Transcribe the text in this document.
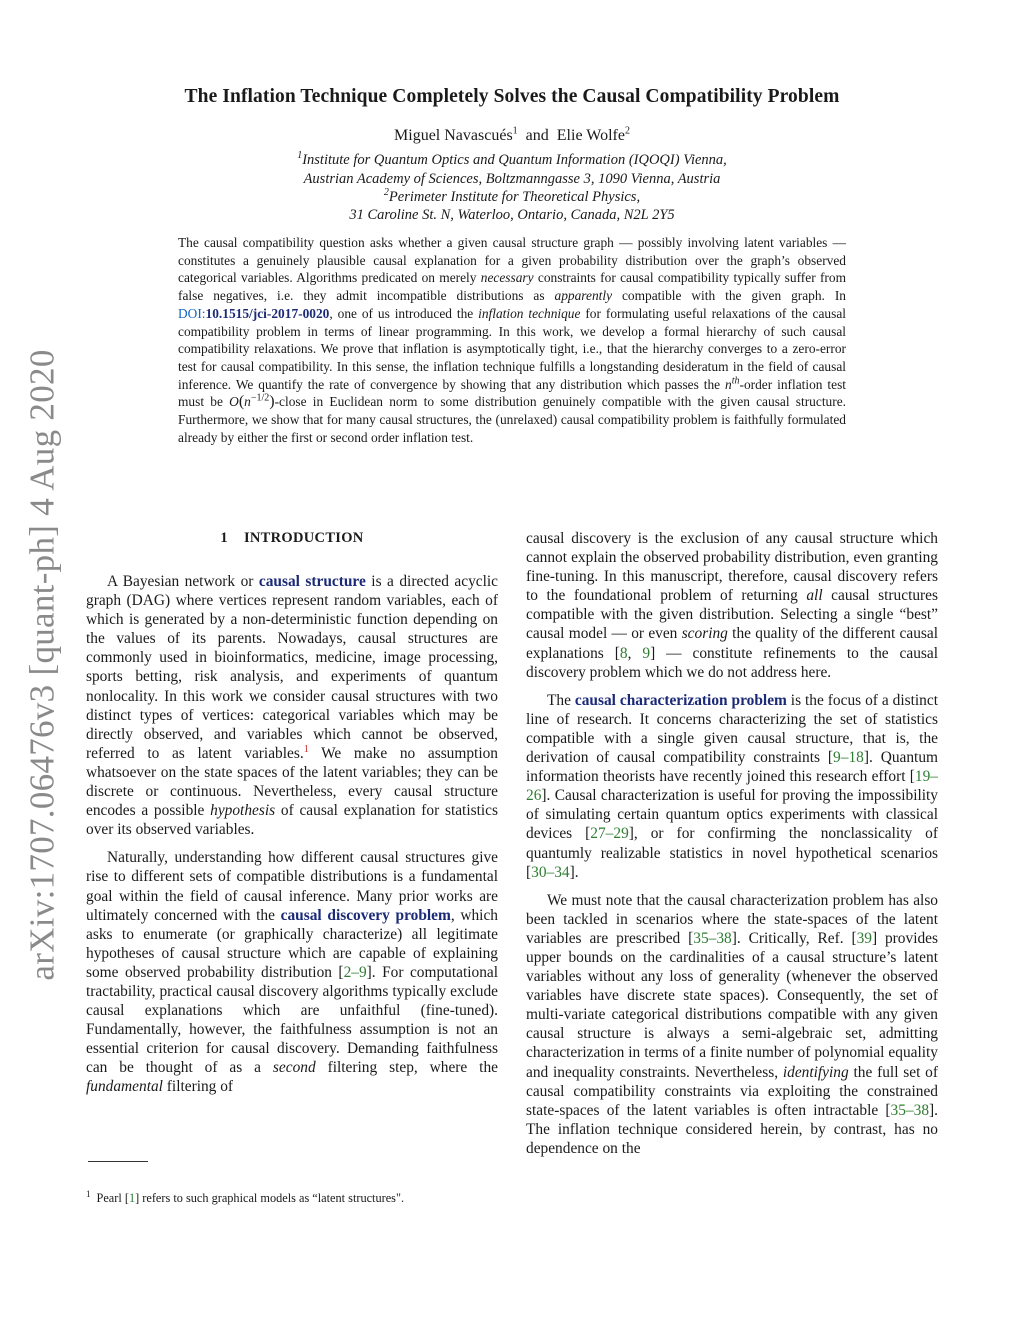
arXiv:1707.06476v3 [quant-ph] 4 Aug 2020
The Inflation Technique Completely Solves the Causal Compatibility Problem
Miguel Navascués$^1$ and Elie Wolfe$^2$
$^1$Institute for Quantum Optics and Quantum Information (IQOQI) Vienna,
Austrian Academy of Sciences, Boltzmanngasse 3, 1090 Vienna, Austria
$^2$Perimeter Institute for Theoretical Physics,
31 Caroline St. N, Waterloo, Ontario, Canada, N2L 2Y5
The causal compatibility question asks whether a given causal structure graph — possibly involving latent variables — constitutes a genuinely plausible causal explanation for a given probability distribution over the graph’s observed categorical variables. Algorithms predicated on merely necessary constraints for causal compatibility typically suffer from false negatives, i.e. they admit incompatible distributions as apparently compatible with the given graph. In DOI:10.1515/jci-2017-0020, one of us introduced the inflation technique for formulating useful relaxations of the causal compatibility problem in terms of linear programming. In this work, we develop a formal hierarchy of such causal compatibility relaxations. We prove that inflation is asymptotically tight, i.e., that the hierarchy converges to a zero-error test for causal compatibility. In this sense, the inflation technique fulfills a longstanding desideratum in the field of causal inference. We quantify the rate of convergence by showing that any distribution which passes the $n^{th}$-order inflation test must be $O(n^{-1/2})$-close in Euclidean norm to some distribution genuinely compatible with the given causal structure. Furthermore, we show that for many causal structures, the (unrelaxed) causal compatibility problem is faithfully formulated already by either the first or second order inflation test.
1 INTRODUCTION

A Bayesian network or causal structure is a directed acyclic graph (DAG) where vertices represent random variables, each of which is generated by a non-deterministic function depending on the values of its parents. Nowadays, causal structures are commonly used in bioinformatics, medicine, image processing, sports betting, risk analysis, and experiments of quantum nonlocality. In this work we consider causal structures with two distinct types of vertices: categorical variables which may be directly observed, and variables which cannot be observed, referred to as latent variables.$^1$ We make no assumption whatsoever on the state spaces of the latent variables; they can be discrete or continuous. Nevertheless, every causal structure encodes a possible hypothesis of causal explanation for statistics over its observed variables.

Naturally, understanding how different causal structures give rise to different sets of compatible distributions is a fundamental goal within the field of causal inference. Many prior works are ultimately concerned with the causal discovery problem, which asks to enumerate (or graphically characterize) all legitimate hypotheses of causal structure which are capable of explaining some observed probability distribution [2–9]. For computational tractability, practical causal discovery algorithms typically exclude causal explanations which are unfaithful (fine-tuned). Fundamentally, however, the faithfulness assumption is not an essential criterion for causal discovery. Demanding faithfulness can be thought of as a second filtering step, where the fundamental filtering of

$^1$ Pearl [1] refers to such graphical models as “latent structures".

causal discovery is the exclusion of any causal structure which cannot explain the observed probability distribution, even granting fine-tuning. In this manuscript, therefore, causal discovery refers to the foundational problem of returning all causal structures compatible with the given distribution. Selecting a single “best” causal model — or even scoring the quality of the different causal explanations [8, 9] — constitute refinements to the causal discovery problem which we do not address here.

The causal characterization problem is the focus of a distinct line of research. It concerns characterizing the set of statistics compatible with a single given causal structure, that is, the derivation of causal compatibility constraints [9–18]. Quantum information theorists have recently joined this research effort [19–26]. Causal characterization is useful for proving the impossibility of simulating certain quantum optics experiments with classical devices [27–29], or for confirming the nonclassicality of quantumly realizable statistics in novel hypothetical scenarios [30–34].

We must note that the causal characterization problem has also been tackled in scenarios where the state-spaces of the latent variables are prescribed [35–38]. Critically, Ref. [39] provides upper bounds on the cardinalities of a causal structure’s latent variables without any loss of generality (whenever the observed variables have discrete state spaces). Consequently, the set of multi-variate categorical distributions compatible with any given causal structure is always a semi-algebraic set, admitting characterization in terms of a finite number of polynomial equality and inequality constraints. Nevertheless, identifying the full set of causal compatibility constraints via exploiting the constrained state-spaces of the latent variables is often intractable [35–38]. The inflation technique considered herein, by contrast, has no dependence on the
